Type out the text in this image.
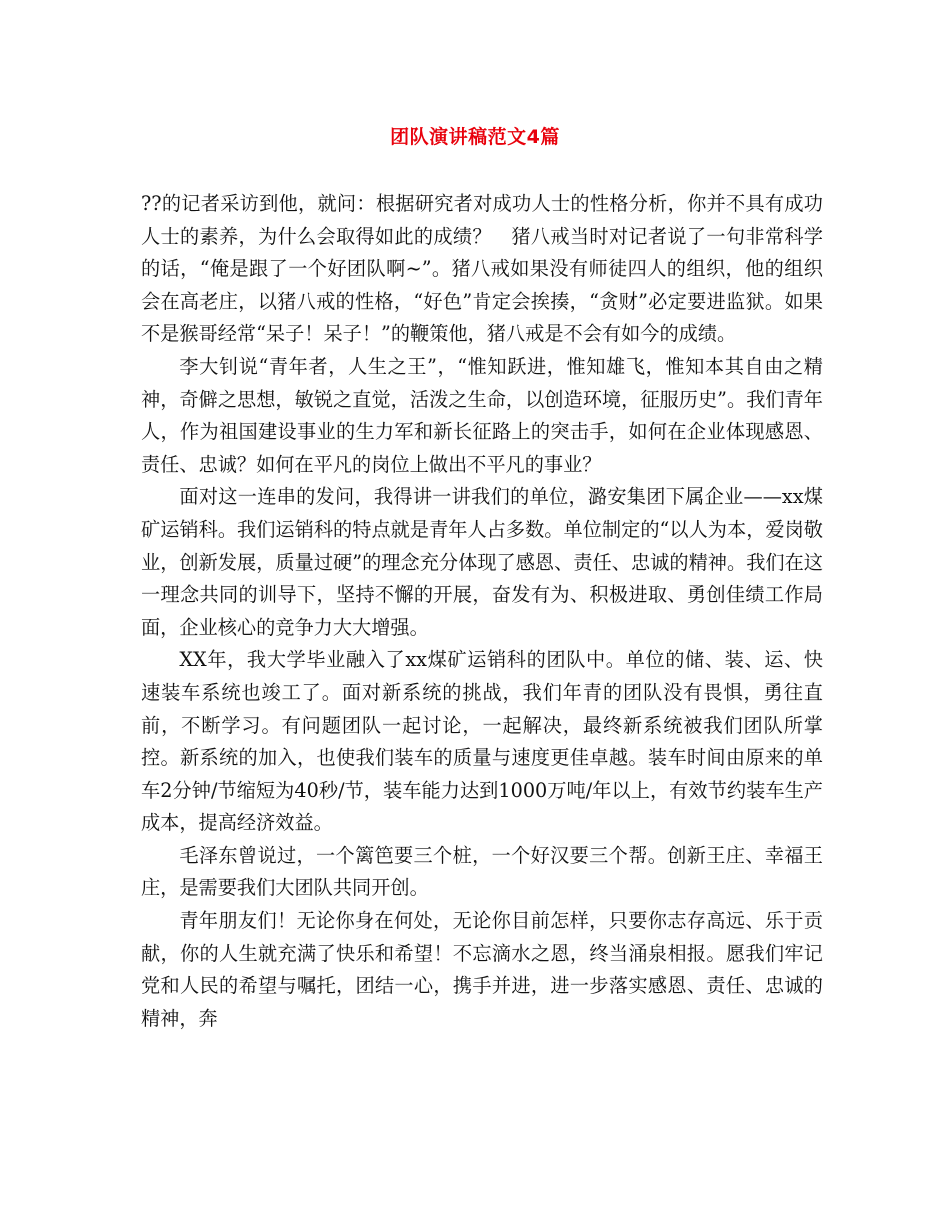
团队演讲稿范文4篇

??的记者采访到他，就问：根据研究者对成功人士的性格分析，你并不具有成功人士的素养，为什么会取得如此的成绩？　猪八戒当时对记者说了一句非常科学的话，“俺是跟了一个好团队啊~”。猪八戒如果没有师徒四人的组织，他的组织会在高老庄，以猪八戒的性格，“好色”肯定会挨揍，“贪财”必定要进监狱。如果不是猴哥经常“呆子！呆子！”的鞭策他，猪八戒是不会有如今的成绩。

李大钊说“青年者，人生之王”，“惟知跃进，惟知雄飞，惟知本其自由之精神，奇僻之思想，敏锐之直觉，活泼之生命，以创造环境，征服历史”。我们青年人，作为祖国建设事业的生力军和新长征路上的突击手，如何在企业体现感恩、责任、忠诚？如何在平凡的岗位上做出不平凡的事业？

面对这一连串的发问，我得讲一讲我们的单位，潞安集团下属企业——xx煤矿运销科。我们运销科的特点就是青年人占多数。单位制定的“以人为本，爱岗敬业，创新发展，质量过硬”的理念充分体现了感恩、责任、忠诚的精神。我们在这一理念共同的训导下，坚持不懈的开展，奋发有为、积极进取、勇创佳绩工作局面，企业核心的竞争力大大增强。

XX年，我大学毕业融入了xx煤矿运销科的团队中。单位的储、装、运、快速装车系统也竣工了。面对新系统的挑战，我们年青的团队没有畏惧，勇往直前，不断学习。有问题团队一起讨论，一起解决，最终新系统被我们团队所掌控。新系统的加入，也使我们装车的质量与速度更佳卓越。装车时间由原来的单车2分钟/节缩短为40秒/节，装车能力达到1000万吨/年以上，有效节约装车生产成本，提高经济效益。

毛泽东曾说过，一个篱笆要三个桩，一个好汉要三个帮。创新王庄、幸福王庄，是需要我们大团队共同开创。

青年朋友们！无论你身在何处，无论你目前怎样，只要你志存高远、乐于贡献，你的人生就充满了快乐和希望！不忘滴水之恩，终当涌泉相报。愿我们牢记党和人民的希望与嘱托，团结一心，携手并进，进一步落实感恩、责任、忠诚的精神，奔
